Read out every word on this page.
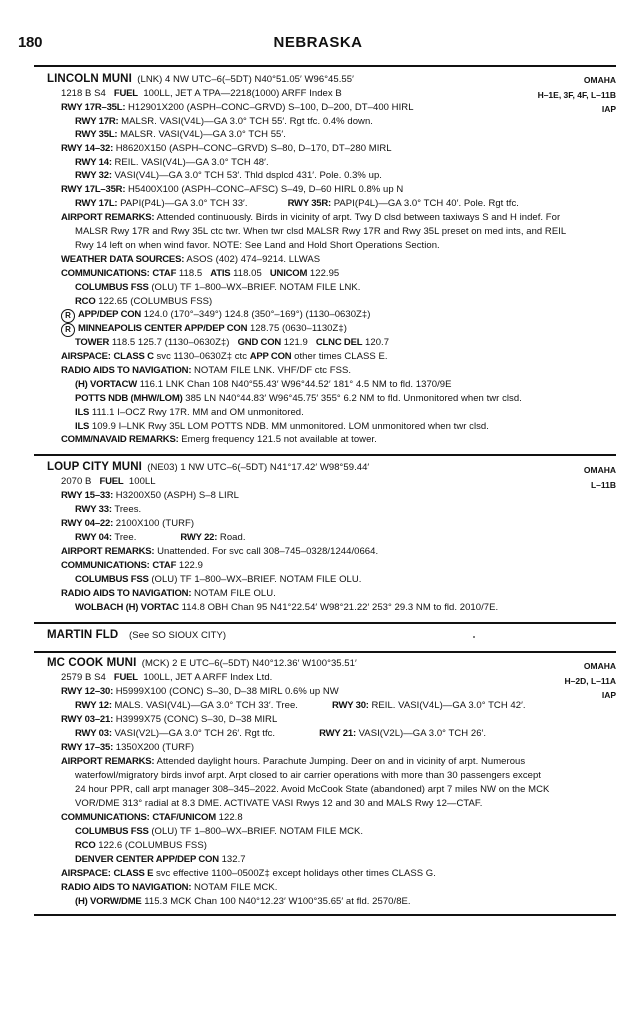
180	NEBRASKA
LINCOLN MUNI (LNK) 4 NW UTC–6(–5DT) N40°51.05′ W96°45.55′	OMAHA
1218 B S4 FUEL 100LL, JET A TPA—2218(1000) ARFF Index B	H–1E, 3F, 4F, L–11B
RWY 17R–35L: H12901X200 (ASPH–CONC–GRVD) S–100, D–200, DT–400 HIRL	IAP
RWY 17R: MALSR. VASI(V4L)—GA 3.0° TCH 55′. Rgt tfc. 0.4% down.
RWY 35L: MALSR. VASI(V4L)—GA 3.0° TCH 55′.
RWY 14–32: H8620X150 (ASPH–CONC–GRVD) S–80, D–170, DT–280 MIRL
RWY 14: REIL. VASI(V4L)—GA 3.0° TCH 48′.
RWY 32: VASI(V4L)—GA 3.0° TCH 53′. Thld dsplcd 431′. Pole. 0.3% up.
RWY 17L–35R: H5400X100 (ASPH–CONC–AFSC) S–49, D–60 HIRL 0.8% up N
RWY 17L: PAPI(P4L)—GA 3.0° TCH 33′.	RWY 35R: PAPI(P4L)—GA 3.0° TCH 40′. Pole. Rgt tfc.
AIRPORT REMARKS: Attended continuously. Birds in vicinity of arpt. Twy D clsd between taxiways S and H indef. For
MALSR Rwy 17R and Rwy 35L ctc twr. When twr clsd MALSR Rwy 17R and Rwy 35L preset on med ints, and REIL
Rwy 14 left on when wind favor. NOTE: See Land and Hold Short Operations Section.
WEATHER DATA SOURCES: ASOS (402) 474–9214. LLWAS
COMMUNICATIONS: CTAF 118.5 ATIS 118.05 UNICOM 122.95
COLUMBUS FSS (OLU) TF 1–800–WX–BRIEF. NOTAM FILE LNK.
RCO 122.65 (COLUMBUS FSS)
R APP/DEP CON 124.0 (170°–349°) 124.8 (350°–169°) (1130–0630Z‡)
R MINNEAPOLIS CENTER APP/DEP CON 128.75 (0630–1130Z‡)
TOWER 118.5 125.7 (1130–0630Z‡) GND CON 121.9 CLNC DEL 120.7
AIRSPACE: CLASS C svc 1130–0630Z‡ ctc APP CON other times CLASS E.
RADIO AIDS TO NAVIGATION: NOTAM FILE LNK. VHF/DF ctc FSS.
(H) VORTACW 116.1 LNK Chan 108 N40°55.43′ W96°44.52′ 181° 4.5 NM to fld. 1370/9E
POTTS NDB (MHW/LOM) 385 LN N40°44.83′ W96°45.75′ 355° 6.2 NM to fld. Unmonitored when twr clsd.
ILS 111.1 I–OCZ Rwy 17R. MM and OM unmonitored.
ILS 109.9 I–LNK Rwy 35L LOM POTTS NDB. MM unmonitored. LOM unmonitored when twr clsd.
COMM/NAVAID REMARKS: Emerg frequency 121.5 not available at tower.
LOUP CITY MUNI (NE03) 1 NW UTC–6(–5DT) N41°17.42′ W98°59.44′	OMAHA
2070 B FUEL 100LL	L–11B
RWY 15–33: H3200X50 (ASPH) S–8 LIRL
RWY 33: Trees.
RWY 04–22: 2100X100 (TURF)
RWY 04: Tree.	RWY 22: Road.
AIRPORT REMARKS: Unattended. For svc call 308–745–0328/1244/0664.
COMMUNICATIONS: CTAF 122.9
COLUMBUS FSS (OLU) TF 1–800–WX–BRIEF. NOTAM FILE OLU.
RADIO AIDS TO NAVIGATION: NOTAM FILE OLU.
WOLBACH (H) VORTAC 114.8 OBH Chan 95 N41°22.54′ W98°21.22′ 253° 29.3 NM to fld. 2010/7E.
MARTIN FLD (See SO SIOUX CITY)
MC COOK MUNI (MCK) 2 E UTC–6(–5DT) N40°12.36′ W100°35.51′	OMAHA
2579 B S4 FUEL 100LL, JET A ARFF Index Ltd.	H–2D, L–11A
RWY 12–30: H5999X100 (CONC) S–30, D–38 MIRL 0.6% up NW	IAP
RWY 12: MALS. VASI(V4L)—GA 3.0° TCH 33′. Tree.	RWY 30: REIL. VASI(V4L)—GA 3.0° TCH 42′.
RWY 03–21: H3999X75 (CONC) S–30, D–38 MIRL
RWY 03: VASI(V2L)—GA 3.0° TCH 26′. Rgt tfc.	RWY 21: VASI(V2L)—GA 3.0° TCH 26′.
RWY 17–35: 1350X200 (TURF)
AIRPORT REMARKS: Attended daylight hours. Parachute Jumping. Deer on and in vicinity of arpt. Numerous
waterfowl/migratory birds invof arpt. Arpt closed to air carrier operations with more than 30 passengers except
24 hour PPR, call arpt manager 308–345–2022. Avoid McCook State (abandoned) arpt 7 miles NW on the MCK
VOR/DME 313° radial at 8.3 DME. ACTIVATE VASI Rwys 12 and 30 and MALS Rwy 12—CTAF.
COMMUNICATIONS: CTAF/UNICOM 122.8
COLUMBUS FSS (OLU) TF 1–800–WX–BRIEF. NOTAM FILE MCK.
RCO 122.6 (COLUMBUS FSS)
DENVER CENTER APP/DEP CON 132.7
AIRSPACE: CLASS E svc effective 1100–0500Z‡ except holidays other times CLASS G.
RADIO AIDS TO NAVIGATION: NOTAM FILE MCK.
(H) VORW/DME 115.3 MCK Chan 100 N40°12.23′ W100°35.65′ at fld. 2570/8E.
